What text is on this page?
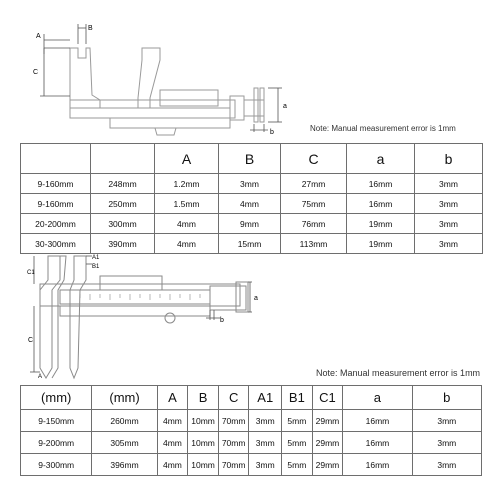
A
B
C
a
b	Note: Manual measurement error is 1mm
		A	B	C	a	b
9-160mm	248mm	1.2mm	3mm	27mm	16mm	3mm
9-160mm	250mm	1.5mm	4mm	75mm	16mm	3mm
20-200mm	300mm	4mm	9mm	76mm	19mm	3mm
30-300mm	390mm	4mm	15mm	113mm	19mm	3mm
A1
B1
C1
C
A
a
b
Note: Manual measurement error is 1mm
(mm)	(mm)	A	B	C	A1	B1	C1	a	b
9-150mm	260mm	4mm	10mm	70mm	3mm	5mm	29mm	16mm	3mm
9-200mm	305mm	4mm	10mm	70mm	3mm	5mm	29mm	16mm	3mm
9-300mm	396mm	4mm	10mm	70mm	3mm	5mm	29mm	16mm	3mm
